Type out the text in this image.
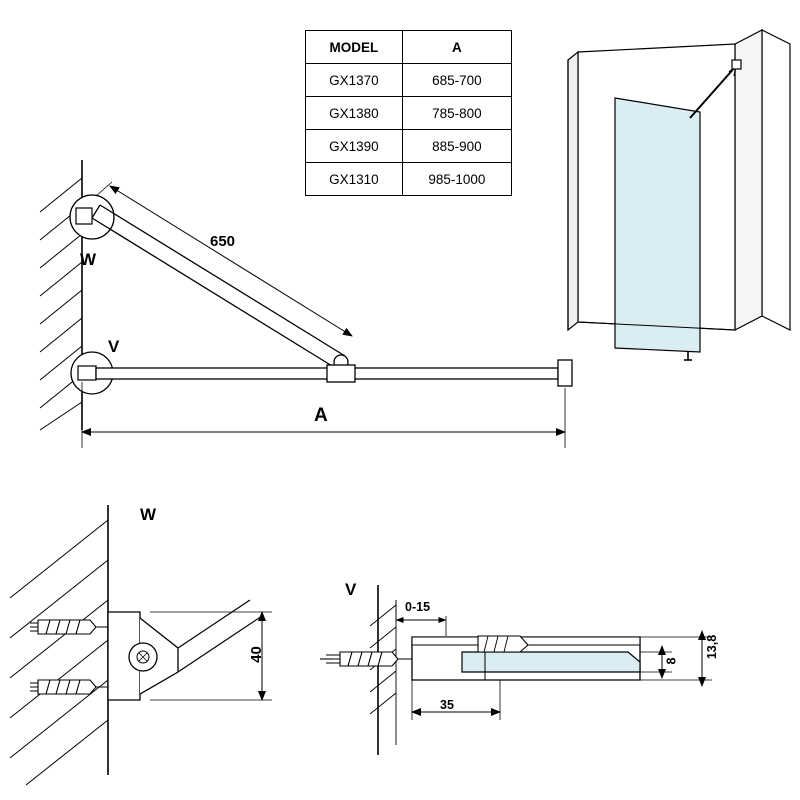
MODEL	A
GX1370	685-700
GX1380	785-800
GX1390	885-900
GX1310	985-1000
W
V
650
A
W
V
40
0-15
35
8
13,8
